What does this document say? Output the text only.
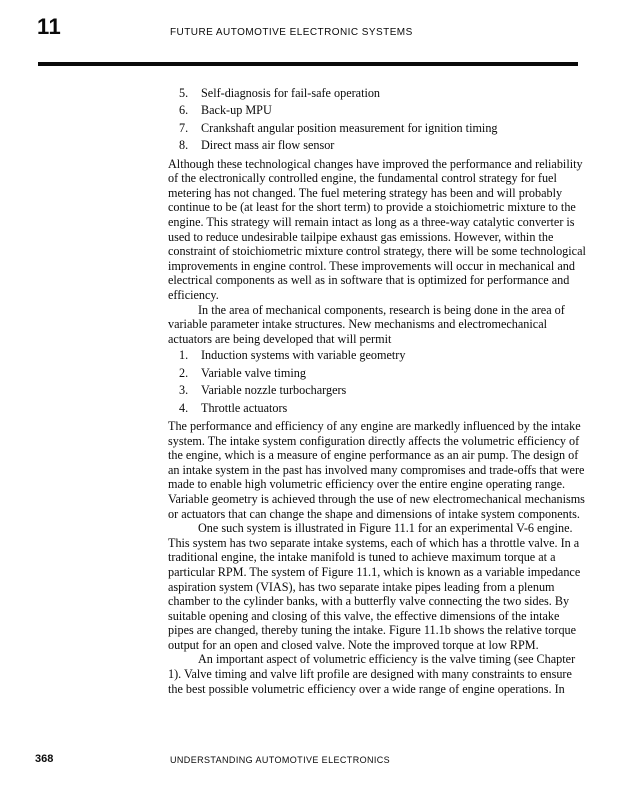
11	FUTURE AUTOMOTIVE ELECTRONIC SYSTEMS
5.	Self-diagnosis for fail-safe operation
6.	Back-up MPU
7.	Crankshaft angular position measurement for ignition timing
8.	Direct mass air flow sensor

Although these technological changes have improved the performance and reliability of the electronically controlled engine, the fundamental control strategy for fuel metering has not changed. The fuel metering strategy has been and will probably continue to be (at least for the short term) to provide a stoichiometric mixture to the engine. This strategy will remain intact as long as a three-way catalytic converter is used to reduce undesirable tailpipe exhaust gas emissions. However, within the constraint of stoichiometric mixture control strategy, there will be some technological improvements in engine control. These improvements will occur in mechanical and electrical components as well as in software that is optimized for performance and efficiency.

In the area of mechanical components, research is being done in the area of variable parameter intake structures. New mechanisms and electromechanical actuators are being developed that will permit

1.	Induction systems with variable geometry
2.	Variable valve timing
3.	Variable nozzle turbochargers
4.	Throttle actuators

The performance and efficiency of any engine are markedly influenced by the intake system. The intake system configuration directly affects the volumetric efficiency of the engine, which is a measure of engine performance as an air pump. The design of an intake system in the past has involved many compromises and trade-offs that were made to enable high volumetric efficiency over the entire engine operating range. Variable geometry is achieved through the use of new electromechanical mechanisms or actuators that can change the shape and dimensions of intake system components.

One such system is illustrated in Figure 11.1 for an experimental V-6 engine. This system has two separate intake systems, each of which has a throttle valve. In a traditional engine, the intake manifold is tuned to achieve maximum torque at a particular RPM. The system of Figure 11.1, which is known as a variable impedance aspiration system (VIAS), has two separate intake pipes leading from a plenum chamber to the cylinder banks, with a butterfly valve connecting the two sides. By suitable opening and closing of this valve, the effective dimensions of the intake pipes are changed, thereby tuning the intake. Figure 11.1b shows the relative torque output for an open and closed valve. Note the improved torque at low RPM.

An important aspect of volumetric efficiency is the valve timing (see Chapter 1). Valve timing and valve lift profile are designed with many constraints to ensure the best possible volumetric efficiency over a wide range of engine operations. In

368	UNDERSTANDING AUTOMOTIVE ELECTRONICS
